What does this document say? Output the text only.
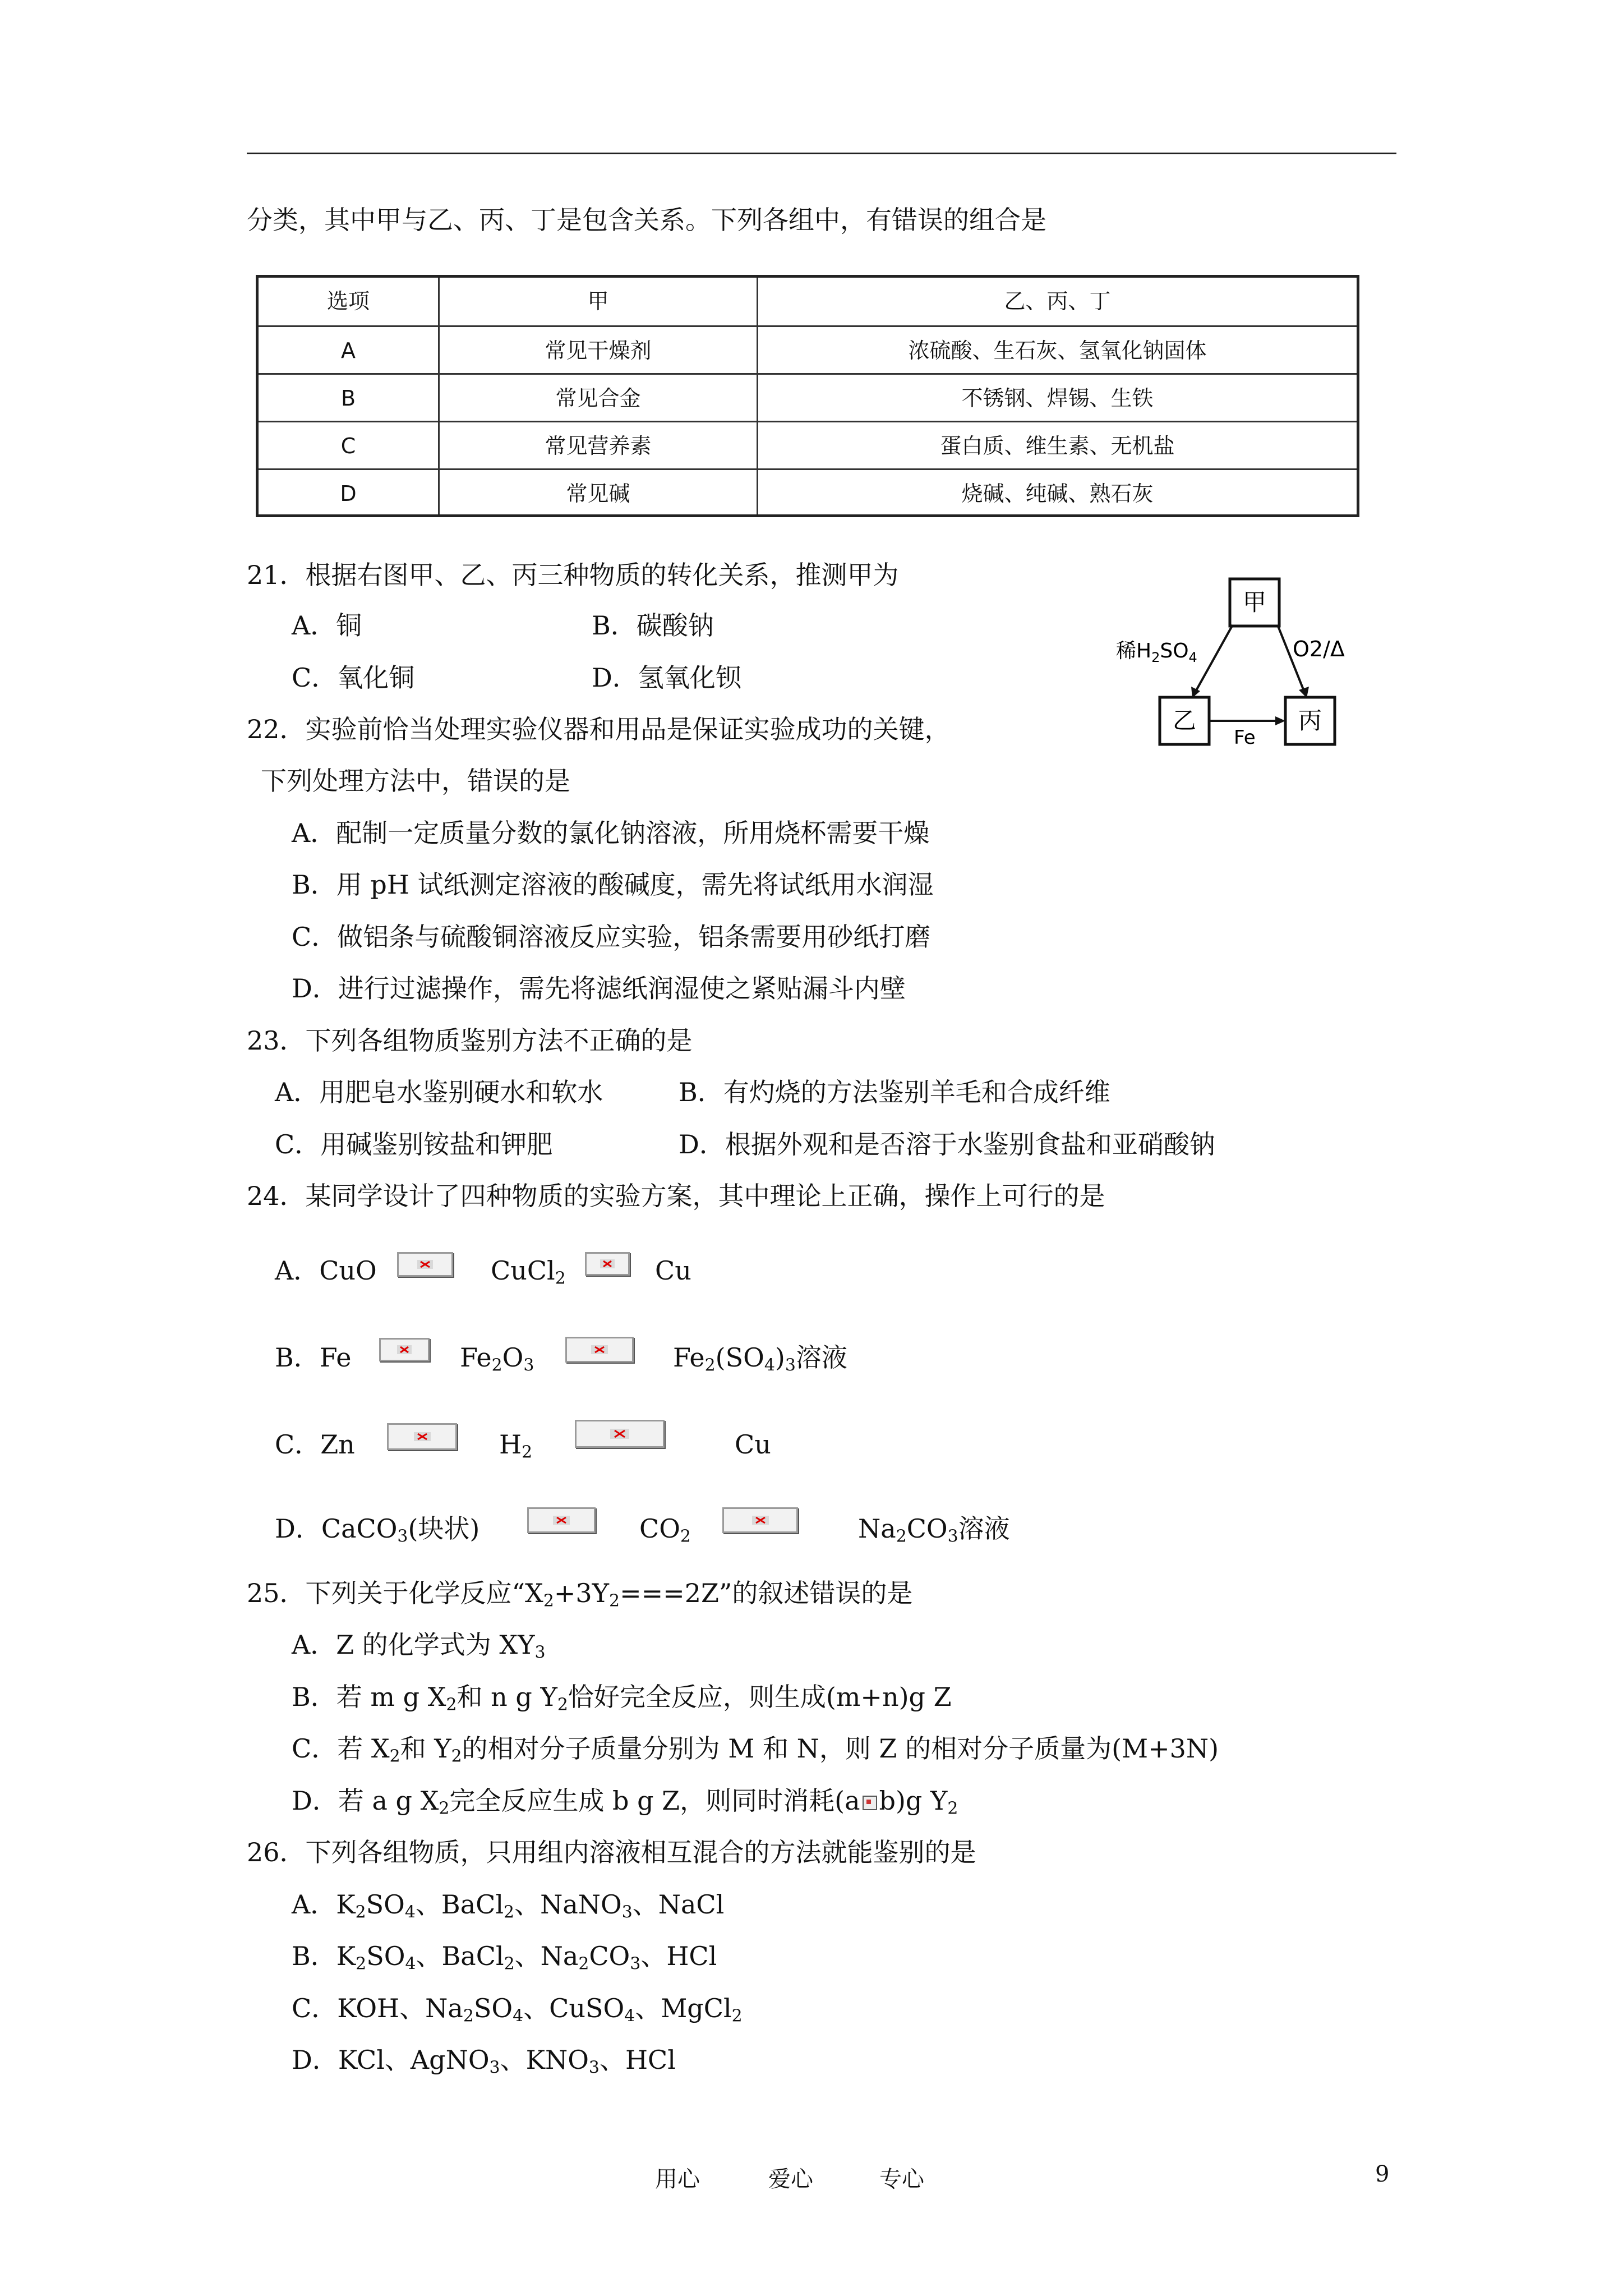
分类，其中甲与乙、丙、丁是包含关系。下列各组中，有错误的组合是
选项	甲	乙、丙、丁
A	常见干燥剂	浓硫酸、生石灰、氢氧化钠固体
B	常见合金	不锈钢、焊锡、生铁
C	常见营养素	蛋白质、维生素、无机盐
D	常见碱	烧碱、纯碱、熟石灰
21．根据右图甲、乙、丙三种物质的转化关系，推测甲为
A．铜	B．碳酸钠
C．氧化铜	D．氢氧化钡
甲
乙	丙
稀$H_2SO_4$	O2/Δ
Fe
22．实验前恰当处理实验仪器和用品是保证实验成功的关键，
下列处理方法中，错误的是
A．配制一定质量分数的氯化钠溶液，所用烧杯需要干燥
B．用 pH 试纸测定溶液的酸碱度，需先将试纸用水润湿
C．做铝条与硫酸铜溶液反应实验，铝条需要用砂纸打磨
D．进行过滤操作，需先将滤纸润湿使之紧贴漏斗内壁
23．下列各组物质鉴别方法不正确的是
A．用肥皂水鉴别硬水和软水	B．有灼烧的方法鉴别羊毛和合成纤维
C．用碱鉴别铵盐和钾肥	D．根据外观和是否溶于水鉴别食盐和亚硝酸钠
24．某同学设计了四种物质的实验方案，其中理论上正确，操作上可行的是
A．CuO	CuCl$_2$	Cu
B．Fe	$Fe_2O_3$	$Fe_2(SO_4)_3$溶液
C．Zn	$H_2$	Cu
D．CaCO$_3$(块状)	$CO_2$	$Na_2CO_3$溶液
25．下列关于化学反应“$X_2+3Y_2===2Z$”的叙述错误的是
A．Z 的化学式为 $XY_3$
B．若 m g $X_2$和 n g $Y_2$恰好完全反应，则生成(m+n)g Z
C．若 $X_2$和 $Y_2$的相对分子质量分别为 M 和 N，则 Z 的相对分子质量为(M+3N)
D．若 a g $X_2$完全反应生成 b g Z，则同时消耗(a b)g $Y_2$
26．下列各组物质，只用组内溶液相互混合的方法就能鉴别的是
A．$K_2SO_4$、BaCl$_2$、NaNO$_3$、NaCl
B．$K_2SO_4$、BaCl$_2$、$Na_2CO_3$、HCl
C．KOH、$Na_2SO_4$、CuSO$_4$、MgCl$_2$
D．KCl、AgNO$_3$、$KNO_3$、HCl
用心	爱心	专心	9
